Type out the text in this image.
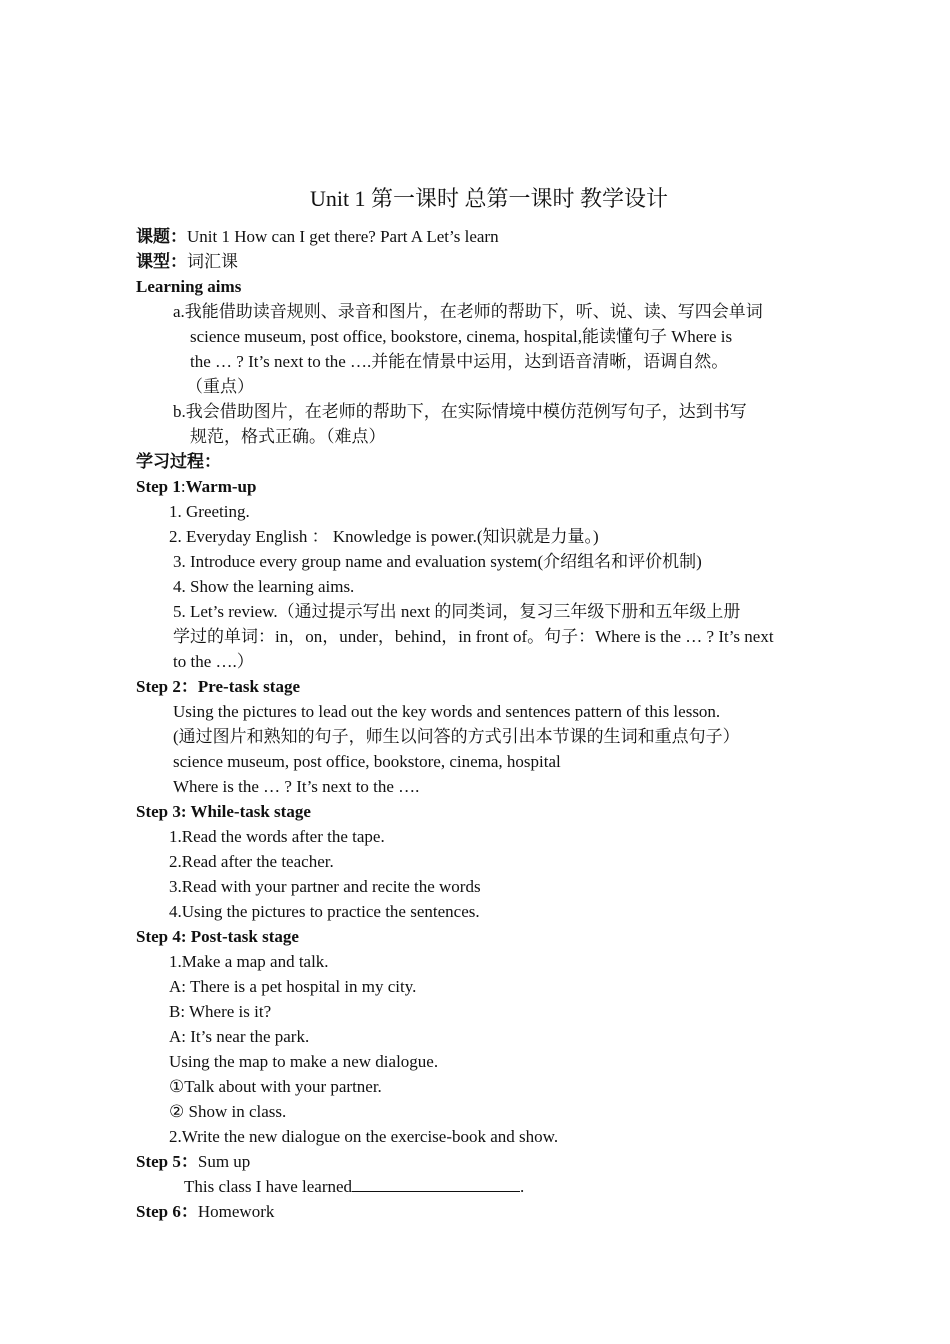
Unit 1 第一课时 总第一课时 教学设计
课题：Unit 1 How can I get there? Part A Let’s learn
课型：词汇课
Learning aims
a.我能借助读音规则、录音和图片，在老师的帮助下，听、说、读、写四会单词
science museum, post office, bookstore, cinema, hospital,能读懂句子 Where is
the … ? It’s next to the ….并能在情景中运用，达到语音清晰，语调自然。
（重点）
b.我会借助图片，在老师的帮助下，在实际情境中模仿范例写句子，达到书写
规范，格式正确。（难点）
学习过程：
Step 1:Warm-up
1. Greeting.
2. Everyday English ： Knowledge is power.(知识就是力量。)
3. Introduce every group name and evaluation system(介绍组名和评价机制)
4. Show the learning aims.
5. Let’s review.（通过提示写出 next 的同类词，复习三年级下册和五年级上册
学过的单词：in，on，under，behind，in front of。句子：Where is the … ? It’s next
to the ….）
Step 2：Pre-task stage
Using the pictures to lead out the key words and sentences pattern of this lesson.
(通过图片和熟知的句子，师生以问答的方式引出本节课的生词和重点句子）
science museum, post office, bookstore, cinema, hospital
Where is the … ? It’s next to the ….
Step 3: While-task stage
1.Read the words after the tape.
2.Read after the teacher.
3.Read with your partner and recite the words
4.Using the pictures to practice the sentences.
Step 4: Post-task stage
1.Make a map and talk.
A: There is a pet hospital in my city.
B: Where is it?
A: It’s near the park.
Using the map to make a new dialogue.
①Talk about with your partner.
② Show in class.
2.Write the new dialogue on the exercise-book and show.
Step 5：Sum up
This class I have learned	.
Step 6：Homework
